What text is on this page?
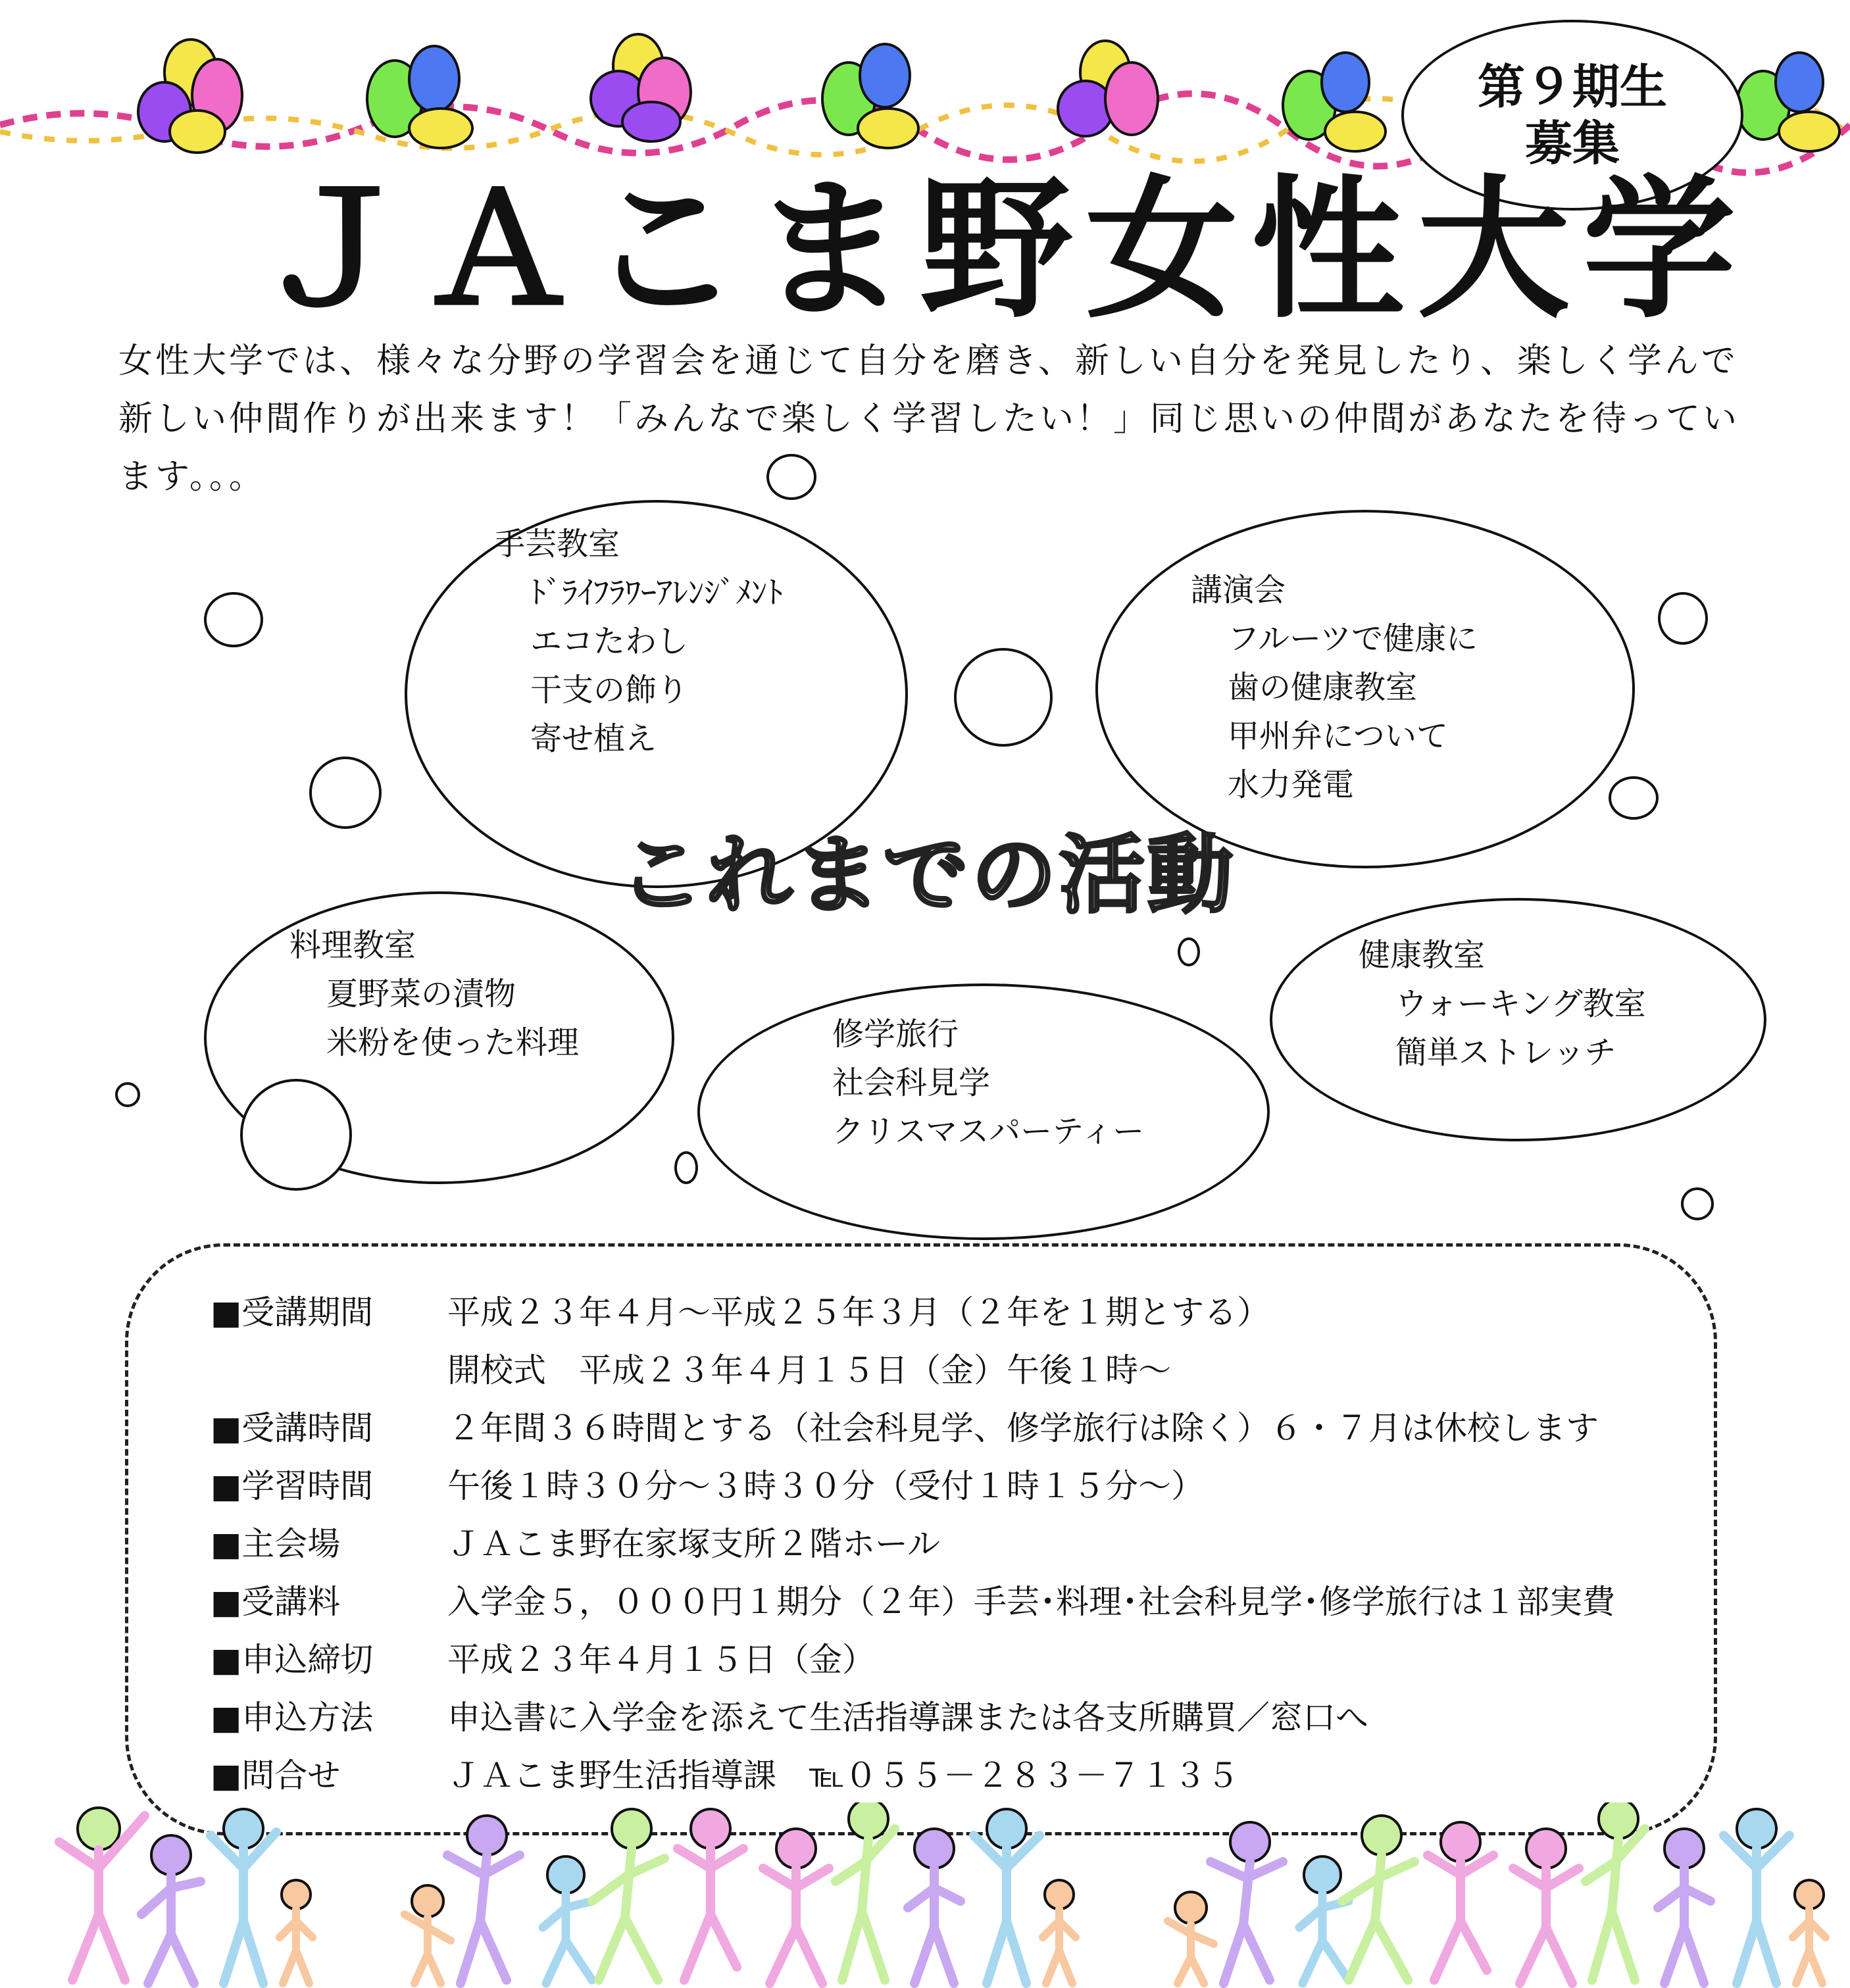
第９期生
募集
ＪＡこま野女性大学
女性大学では、様々な分野の学習会を通じて自分を磨き、新しい自分を発見したり、楽しく学んで新しい仲間作りが出来ます！「みんなで楽しく学習したい！」同じ思いの仲間があなたを待っています。。。
これまでの活動
手芸教室
ﾄﾞﾗｲﾌﾗﾜｰｱﾚﾝｼﾞﾒﾝﾄ
エコたわし
干支の飾り
寄せ植え
講演会
フルーツで健康に
歯の健康教室
甲州弁について
水力発電
料理教室
夏野菜の漬物
米粉を使った料理	修学旅行
社会科見学
クリスマスパーティー
健康教室
ウォーキング教室
簡単ストレッチ
■受講期間	平成２３年４月～平成２５年３月（２年を１期とする）
開校式　平成２３年４月１５日（金）午後１時～
■受講時間	２年間３６時間とする（社会科見学、修学旅行は除く）６・７月は休校します
■学習時間	午後１時３０分～３時３０分（受付１時１５分～）
■主会場	ＪＡこま野在家塚支所２階ホール
■受講料	入学金５，０００円１期分（２年）手芸･料理･社会科見学･修学旅行は１部実費
■申込締切	平成２３年４月１５日（金）
■申込方法	申込書に入学金を添えて生活指導課または各支所購買／窓口へ
■問合せ	ＪＡこま野生活指導課　℡０５５－２８３－７１３５
